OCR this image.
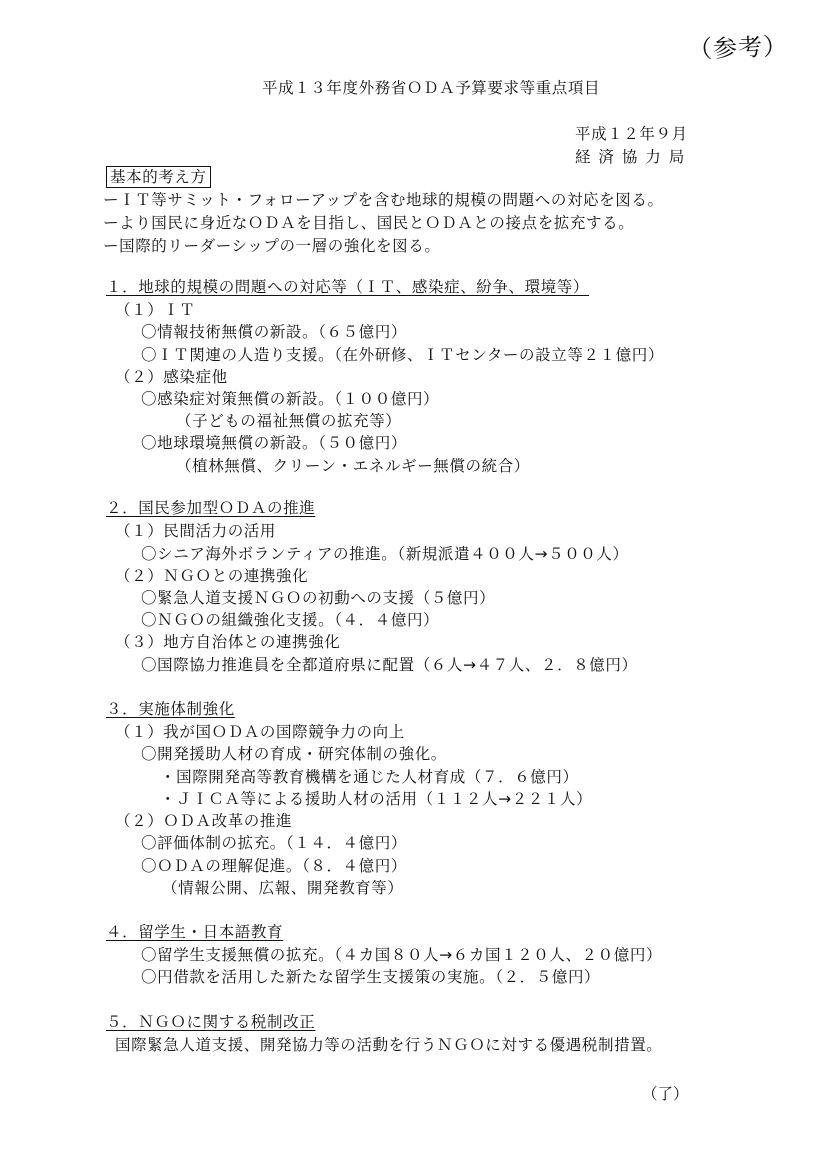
（参考）
平成１３年度外務省ＯＤＡ予算要求等重点項目
平成１２年９月
経 済 協 力 局
基本的考え方
ーＩＴ等サミット・フォローアップを含む地球的規模の問題への対応を図る。
ーより国民に身近なＯＤＡを目指し、国民とＯＤＡとの接点を拡充する。
ー国際的リーダーシップの一層の強化を図る。
１．地球的規模の問題への対応等（ＩＴ、感染症、紛争、環境等）
（１）ＩＴ
〇情報技術無償の新設。（６５億円）
〇ＩＴ関連の人造り支援。（在外研修、ＩＴセンターの設立等２１億円）
（２）感染症他
〇感染症対策無償の新設。（１００億円）
（子どもの福祉無償の拡充等）
〇地球環境無償の新設。（５０億円）
（植林無償、クリーン・エネルギー無償の統合）
２．国民参加型ＯＤＡの推進
（１）民間活力の活用
〇シニア海外ボランティアの推進。（新規派遣４００人→５００人）
（２）ＮＧＯとの連携強化
〇緊急人道支援ＮＧＯの初動への支援（５億円）
〇ＮＧＯの組織強化支援。（４．４億円）
（３）地方自治体との連携強化
〇国際協力推進員を全都道府県に配置（６人→４７人、２．８億円）
３．実施体制強化
（１）我が国ＯＤＡの国際競争力の向上
〇開発援助人材の育成・研究体制の強化。
・国際開発高等教育機構を通じた人材育成（７．６億円）
・ＪＩＣＡ等による援助人材の活用（１１２人→２２１人）
（２）ＯＤＡ改革の推進
〇評価体制の拡充。（１４．４億円）
〇ＯＤＡの理解促進。（８．４億円）
（情報公開、広報、開発教育等）
４．留学生・日本語教育
〇留学生支援無償の拡充。（４カ国８０人→６カ国１２０人、２０億円）
〇円借款を活用した新たな留学生支援策の実施。（２．５億円）
５．ＮＧＯに関する税制改正
国際緊急人道支援、開発協力等の活動を行うＮＧＯに対する優遇税制措置。
（了）
